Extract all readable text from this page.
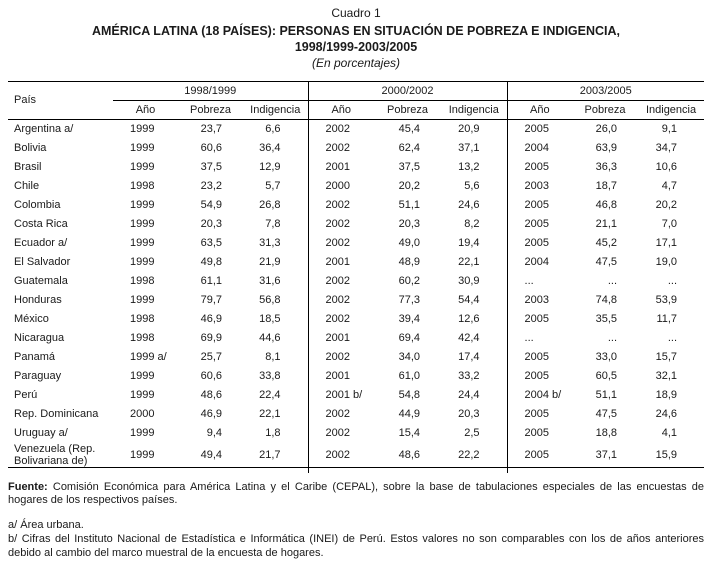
Cuadro 1
AMÉRICA LATINA (18 PAÍSES): PERSONAS EN SITUACIÓN DE POBREZA E INDIGENCIA,
1998/1999-2003/2005
(En porcentajes)
País	1998/1999			2000/2002			2003/2005		
	Año	Pobreza	Indigencia	Año	Pobreza	Indigencia	Año	Pobreza	Indigencia
Argentina a/	1999	23,7	6,6	2002	45,4	20,9	2005	26,0	9,1
Bolivia	1999	60,6	36,4	2002	62,4	37,1	2004	63,9	34,7
Brasil	1999	37,5	12,9	2001	37,5	13,2	2005	36,3	10,6
Chile	1998	23,2	5,7	2000	20,2	5,6	2003	18,7	4,7
Colombia	1999	54,9	26,8	2002	51,1	24,6	2005	46,8	20,2
Costa Rica	1999	20,3	7,8	2002	20,3	8,2	2005	21,1	7,0
Ecuador a/	1999	63,5	31,3	2002	49,0	19,4	2005	45,2	17,1
El Salvador	1999	49,8	21,9	2001	48,9	22,1	2004	47,5	19,0
Guatemala	1998	61,1	31,6	2002	60,2	30,9	...	...	...
Honduras	1999	79,7	56,8	2002	77,3	54,4	2003	74,8	53,9
México	1998	46,9	18,5	2002	39,4	12,6	2005	35,5	11,7
Nicaragua	1998	69,9	44,6	2001	69,4	42,4	...	...	...
Panamá	1999 a/	25,7	8,1	2002	34,0	17,4	2005	33,0	15,7
Paraguay	1999	60,6	33,8	2001	61,0	33,2	2005	60,5	32,1
Perú	1999	48,6	22,4	2001 b/	54,8	24,4	2004 b/	51,1	18,9
Rep. Dominicana	2000	46,9	22,1	2002	44,9	20,3	2005	47,5	24,6
Uruguay a/	1999	9,4	1,8	2002	15,4	2,5	2005	18,8	4,1
Venezuela (Rep. Bolivariana de)	1999	49,4	21,7	2002	48,6	22,2	2005	37,1	15,9

Fuente: Comisión Económica para América Latina y el Caribe (CEPAL), sobre la base de tabulaciones especiales de las encuestas de hogares de los respectivos países.

a/ Área urbana.

b/ Cifras del Instituto Nacional de Estadística e Informática (INEI) de Perú. Estos valores no son comparables con los de años anteriores debido al cambio del marco muestral de la encuesta de hogares.
